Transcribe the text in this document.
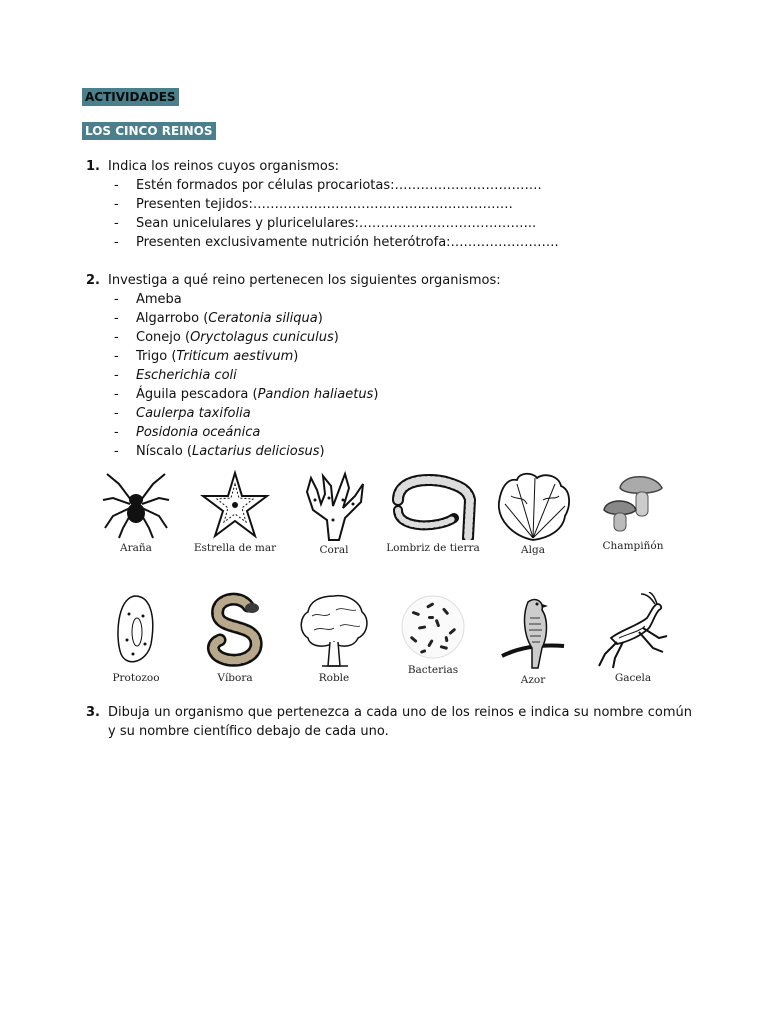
ACTIVIDADES
LOS CINCO REINOS
1. Indica los reinos cuyos organismos:
- Estén formados por células procariotas:…………………………….
- Presenten tejidos:……………………………………………………
- Sean unicelulares y pluricelulares:…………………………………..
- Presenten exclusivamente nutrición heterótrofa:…………………….
2. Investiga a qué reino pertenecen los siguientes organismos:
- Ameba
- Algarrobo (Ceratonia siliqua)
- Conejo (Oryctolagus cuniculus)
- Trigo (Triticum aestivum)
- Escherichia coli
- Águila pescadora (Pandion haliaetus)
- Caulerpa taxifolia
- Posidonia oceánica
- Níscalo (Lactarius deliciosus)
Araña	Estrella de mar	Coral	Lombriz de tierra	Alga	Champiñón
Protozoo	Víbora	Roble
Bacterias
Azor	Gacela
3. Dibuja un organismo que pertenezca a cada uno de los reinos e indica su nombre común y su nombre científico debajo de cada uno.
